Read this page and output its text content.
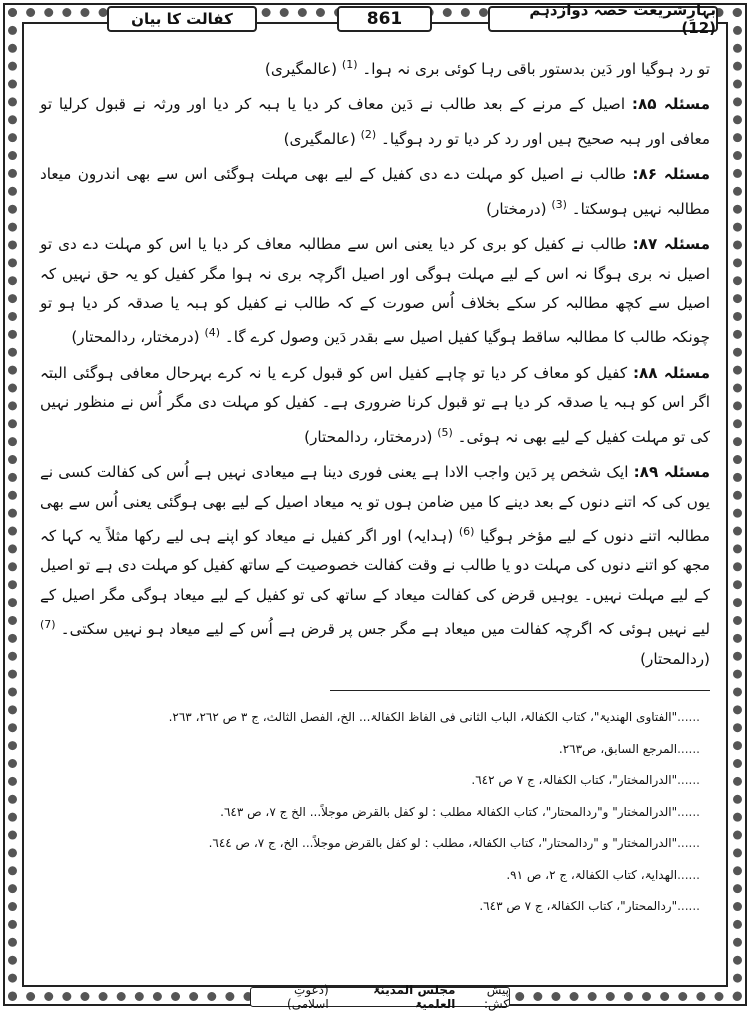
کفالت کا بیان	861	بہارِشریعت حصہ دوازدہم (12)

تو رد ہوگیا اور دَین بدستور باقی رہا کوئی بری نہ ہوا۔ $^{(1)}$ (عالمگیری)

مسئلہ ۸۵: اصیل کے مرنے کے بعد طالب نے دَین معاف کر دیا یا ہبہ کر دیا اور ورثہ نے قبول کرلیا تو معافی اور ہبہ صحیح ہیں اور رد کر دیا تو رد ہوگیا۔ $^{(2)}$ (عالمگیری)

مسئلہ ۸۶: طالب نے اصیل کو مہلت دے دی کفیل کے لیے بھی مہلت ہوگئی اس سے بھی اندرون میعاد مطالبہ نہیں ہوسکتا۔ $^{(3)}$ (درمختار)

مسئلہ ۸۷: طالب نے کفیل کو بری کر دیا یعنی اس سے مطالبہ معاف کر دیا یا اس کو مہلت دے دی تو اصیل نہ بری ہوگا نہ اس کے لیے مہلت ہوگی اور اصیل اگرچہ بری نہ ہوا مگر کفیل کو یہ حق نہیں کہ اصیل سے کچھ مطالبہ کر سکے بخلاف اُس صورت کے کہ طالب نے کفیل کو ہبہ یا صدقہ کر دیا ہو تو چونکہ طالب کا مطالبہ ساقط ہوگیا کفیل اصیل سے بقدر دَین وصول کرے گا۔ $^{(4)}$ (درمختار، ردالمحتار)

مسئلہ ۸۸: کفیل کو معاف کر دیا تو چاہے کفیل اس کو قبول کرے یا نہ کرے بہرحال معافی ہوگئی البتہ اگر اس کو ہبہ یا صدقہ کر دیا ہے تو قبول کرنا ضروری ہے۔ کفیل کو مہلت دی مگر اُس نے منظور نہیں کی تو مہلت کفیل کے لیے بھی نہ ہوئی۔ $^{(5)}$ (درمختار، ردالمحتار)

مسئلہ ۸۹: ایک شخص پر دَین واجب الادا ہے یعنی فوری دینا ہے میعادی نہیں ہے اُس کی کفالت کسی نے یوں کی کہ اتنے دنوں کے بعد دینے کا میں ضامن ہوں تو یہ میعاد اصیل کے لیے بھی ہوگئی یعنی اُس سے بھی مطالبہ اتنے دنوں کے لیے مؤخر ہوگیا $^{(6)}$ (ہدایہ) اور اگر کفیل نے میعاد کو اپنے ہی لیے رکھا مثلاً یہ کہا کہ مجھ کو اتنے دنوں کی مہلت دو یا طالب نے وقت کفالت خصوصیت کے ساتھ کفیل کو مہلت دی ہے تو اصیل کے لیے مہلت نہیں۔ یوہیں قرض کی کفالت میعاد کے ساتھ کی تو کفیل کے لیے میعاد ہوگی مگر اصیل کے لیے نہیں ہوئی کہ اگرچہ کفالت میں میعاد ہے مگر جس پر قرض ہے اُس کے لیے میعاد ہو نہیں سکتی۔ $^{(7)}$ (ردالمحتار)

......"الفتاوی الھندیۃ"، کتاب الکفالۃ، الباب الثانی فی الفاظ الکفالۃ... الخ، الفصل الثالث، ج ٣ ص ٢٦٢، ٢٦٣.
......المرجع السابق، ص٢٦٣.
......"الدرالمختار"، کتاب الکفالۃ، ج ٧ ص ٦٤٢.
......"الدرالمختار" و"ردالمحتار"، کتاب الکفالۃ مطلب : لو کفل بالقرض موجلاً... الخ ج ٧، ص ٦٤٣.
......"الدرالمختار" و "ردالمحتار"، کتاب الکفالۃ، مطلب : لو کفل بالقرض موجلاً... الخ، ج ٧، ص ٦٤٤.
......الھدایۃ، کتاب الکفالۃ، ج ٢، ص ٩١.
......"ردالمحتار"، کتاب الکفالۃ، ج ٧ ص ٦٤٣.
پیش کش:
مجلس المدینۃ العلمیۃ
(دعوتِ اسلامی)
